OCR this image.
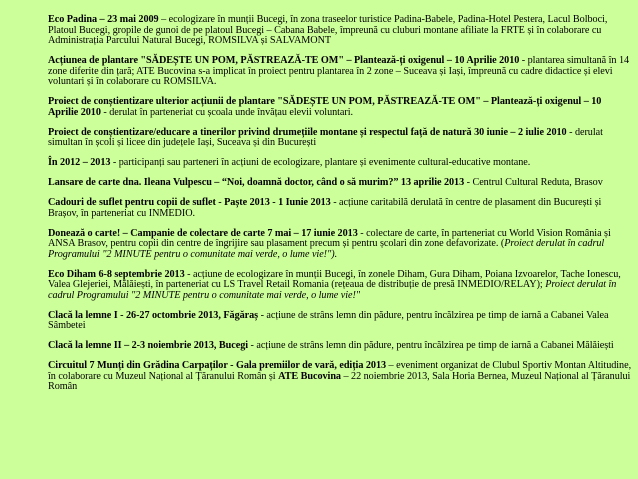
Eco Padina – 23 mai 2009 – ecologizare în munții Bucegi, în zona traseelor turistice Padina-Babele, Padina-Hotel Pestera, Lacul Bolboci, Platoul Bucegi, gropile de gunoi de pe platoul Bucegi – Cabana Babele, împreună cu cluburi montane afiliate la FRTE și în colaborare cu Administrația Parcului Natural Bucegi, ROMSILVA și SALVAMONT

Acțiunea de plantare "SĂDEȘTE UN POM, PĂSTREAZĂ-TE OM" – Plantează-ți oxigenul – 10 Aprilie 2010 - plantarea simultană în 14 zone diferite din țară; ATE Bucovina s-a implicat în proiect pentru plantarea în 2 zone – Suceava și Iași, împreună cu cadre didactice și elevi voluntari și în colaborare cu ROMSILVA.

Proiect de conștientizare ulterior acțiunii de plantare "SĂDEȘTE UN POM, PĂSTREAZĂ-TE OM" – Plantează-ți oxigenul – 10 Aprilie 2010 - derulat în parteneriat cu școala unde învățau elevii voluntari.

Proiect de conștientizare/educare a tinerilor privind drumețiile montane și respectul față de natură 30 iunie – 2 iulie 2010 - derulat simultan în școli și licee din județele Iași, Suceava și din București

În 2012 – 2013 - participanți sau parteneri în acțiuni de ecologizare, plantare și evenimente cultural-educative montane.

Lansare de carte dna. Ileana Vulpescu – “Noi, doamnă doctor, când o să murim?” 13 aprilie 2013 - Centrul Cultural Reduta, Brasov

Cadouri de suflet pentru copii de suflet - Paște 2013 - 1 Iunie 2013 - acțiune caritabilă derulată în centre de plasament din București și Brașov, în parteneriat cu INMEDIO.

Donează o carte! – Campanie de colectare de carte 7 mai – 17 iunie 2013 - colectare de carte, în parteneriat cu World Vision România și ANSA Brasov, pentru copii din centre de îngrijire sau plasament precum și pentru școlari din zone defavorizate. (Proiect derulat în cadrul Programului "2 MINUTE pentru o comunitate mai verde, o lume vie!").

Eco Diham 6-8 septembrie 2013 - acțiune de ecologizare în munții Bucegi, în zonele Diham, Gura Diham, Poiana Izvoarelor, Tache Ionescu, Valea Glejeriei, Mălăiești, în parteneriat cu LS Travel Retail Romania (rețeaua de distribuție de presă INMEDIO/RELAY); Proiect derulat în cadrul Programului "2 MINUTE pentru o comunitate mai verde, o lume vie!"

Clacă la lemne I - 26-27 octombrie 2013, Făgăraș - acțiune de strâns lemn din pădure, pentru încălzirea pe timp de iarnă a Cabanei Valea Sâmbetei

Clacă la lemne II – 2-3 noiembrie 2013, Bucegi - acțiune de strâns lemn din pădure, pentru încălzirea pe timp de iarnă a Cabanei Mălăiești

Circuitul 7 Munți din Grădina Carpaților - Gala premiilor de vară, ediția 2013 – eveniment organizat de Clubul Sportiv Montan Altitudine, în colaborare cu Muzeul Național al Țăranului Român și ATE Bucovina – 22 noiembrie 2013, Sala Horia Bernea, Muzeul Național al Țăranului Român
